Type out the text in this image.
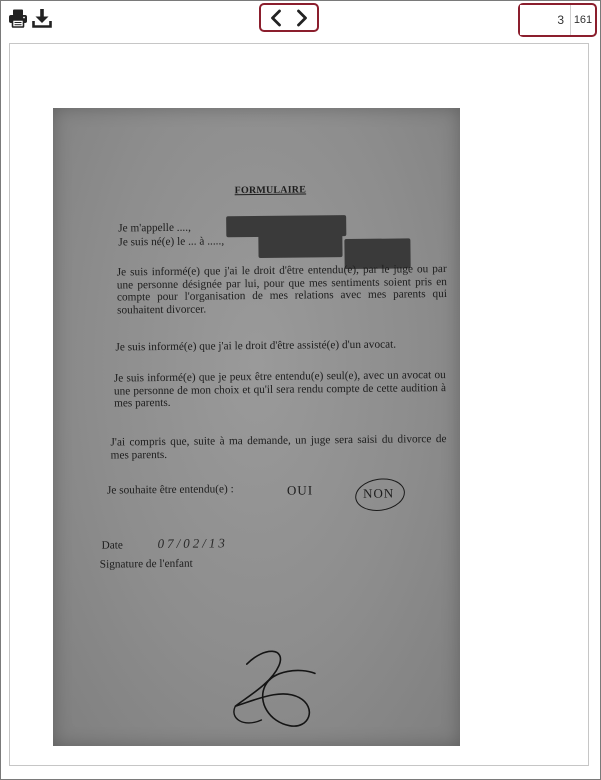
3
161
FORMULAIRE
Je m'appelle ....,
Je suis né(e) le ... à .....,
Je suis informé(e) que j'ai le droit d'être entendu(e), par le juge ou par une personne désignée par lui, pour que mes sentiments soient pris en compte pour l'organisation de mes relations avec mes parents qui souhaitent divorcer.
Je suis informé(e) que j'ai le droit d'être assisté(e) d'un avocat.
Je suis informé(e) que je peux être entendu(e) seul(e), avec un avocat ou une personne de mon choix et qu'il sera rendu compte de cette audition à mes parents.
J'ai compris que, suite à ma demande, un juge sera saisi du divorce de mes parents.
Je souhaite être entendu(e) :	OUI	NON
Date	07/02/13
Signature de l'enfant
